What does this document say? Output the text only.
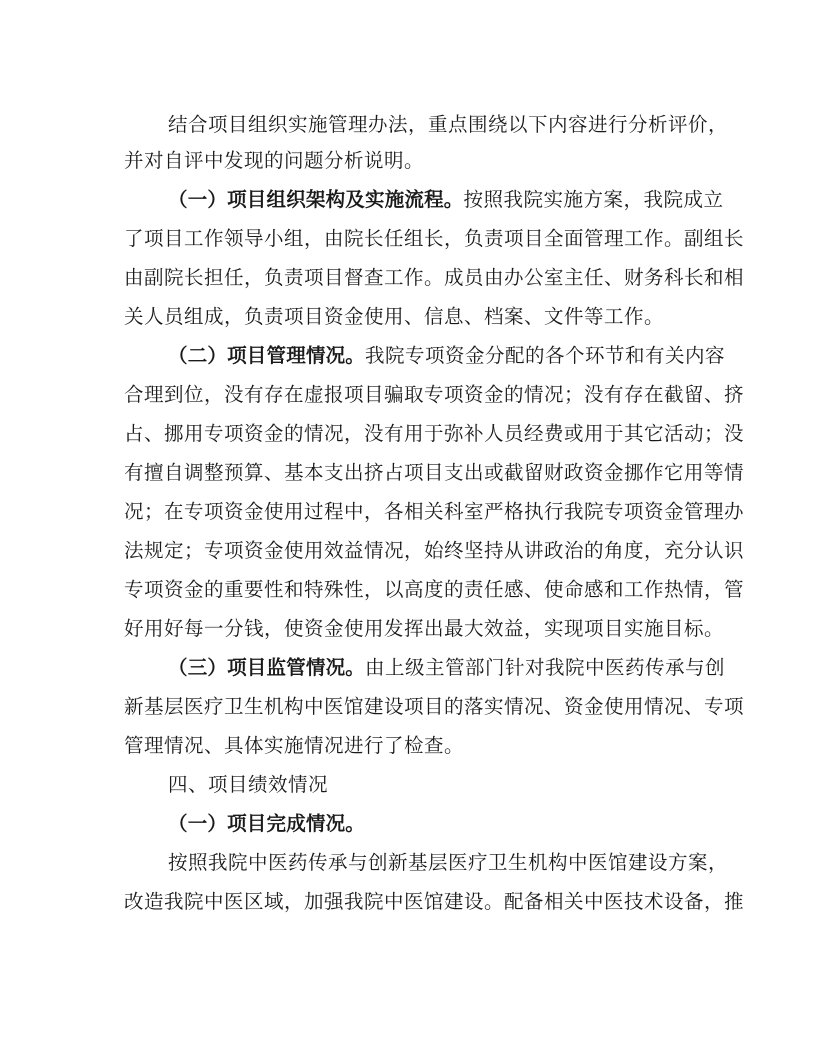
结合项目组织实施管理办法，重点围绕以下内容进行分析评价，
并对自评中发现的问题分析说明。
（一）项目组织架构及实施流程。按照我院实施方案，我院成立
了项目工作领导小组，由院长任组长，负责项目全面管理工作。副组长
由副院长担任，负责项目督查工作。成员由办公室主任、财务科长和相
关人员组成，负责项目资金使用、信息、档案、文件等工作。
（二）项目管理情况。我院专项资金分配的各个环节和有关内容
合理到位，没有存在虚报项目骗取专项资金的情况；没有存在截留、挤
占、挪用专项资金的情况，没有用于弥补人员经费或用于其它活动；没
有擅自调整预算、基本支出挤占项目支出或截留财政资金挪作它用等情
况；在专项资金使用过程中，各相关科室严格执行我院专项资金管理办
法规定；专项资金使用效益情况，始终坚持从讲政治的角度，充分认识
专项资金的重要性和特殊性，以高度的责任感、使命感和工作热情，管
好用好每一分钱，使资金使用发挥出最大效益，实现项目实施目标。
（三）项目监管情况。由上级主管部门针对我院中医药传承与创
新基层医疗卫生机构中医馆建设项目的落实情况、资金使用情况、专项
管理情况、具体实施情况进行了检查。
四、项目绩效情况
（一）项目完成情况。
按照我院中医药传承与创新基层医疗卫生机构中医馆建设方案，
改造我院中医区域，加强我院中医馆建设。配备相关中医技术设备，推
